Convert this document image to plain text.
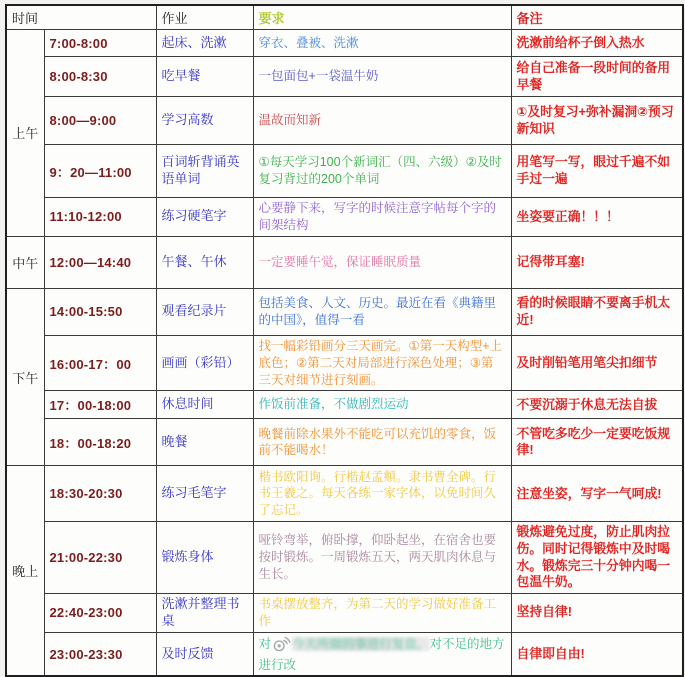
时间		作业	要求	备注
上午	7:00-8:00	起床、洗漱	穿衣、叠被、洗漱	洗漱前给杯子倒入热水
	8:00-8:30	吃早餐	一包面包+一袋温牛奶	给自己准备一段时间的备用早餐
	8:00—9:00	学习高数	温故而知新	①及时复习+弥补漏洞②预习新知识
	9：20—11:00	百词斩背诵英语单词	①每天学习100个新词汇（四、六级）②及时复习背过的200个单词	用笔写一写，眼过千遍不如手过一遍
	11:10-12:00	练习硬笔字	心要静下来，写字的时候注意字帖每个字的间架结构	坐姿要正确！！！
中午	12:00—14:40	午餐、午休	一定要睡午觉，保证睡眠质量	记得带耳塞!
下午	14:00-15:50	观看纪录片	包括美食、人文、历史。最近在看《典籍里的中国》，值得一看	看的时候眼睛不要离手机太近!
	16:00-17：00	画画（彩铅）	找一幅彩铅画分三天画完。①第一天构型+上底色；②第二天对局部进行深色处理；③第三天对细节进行刻画。	及时削铅笔用笔尖扣细节
	17：00-18:00	休息时间	作饭前准备，不做剧烈运动	不要沉溺于休息无法自拔
	18：00-18:20	晚餐	晚餐前除水果外不能吃可以充饥的零食，饭前不能喝水！	不管吃多吃少一定要吃饭规律!
晚上	18:30-20:30	练习毛笔字	楷书欧阳询。行楷赵孟頫。隶书曹全碑。行书王羲之。每天各练一家字体，以免时间久了忘记。	注意坐姿，写字一气呵成!
	21:00-22:30	锻炼身体	哑铃弯举，俯卧撑，仰卧起坐，在宿舍也要按时锻炼。一周锻炼五天，两天肌肉休息与生长。	锻炼避免过度，防止肌肉拉伤。同时记得锻炼中及时喝水。锻炼完三十分钟内喝一包温牛奶。
	22:40-23:00	洗漱并整理书桌	书桌摆放整齐，为第二天的学习做好准备工作	坚持自律!
	23:00-23:30	及时反馈	对 今天所做的事进行复盘，对不足的地方进行改	自律即自由!
